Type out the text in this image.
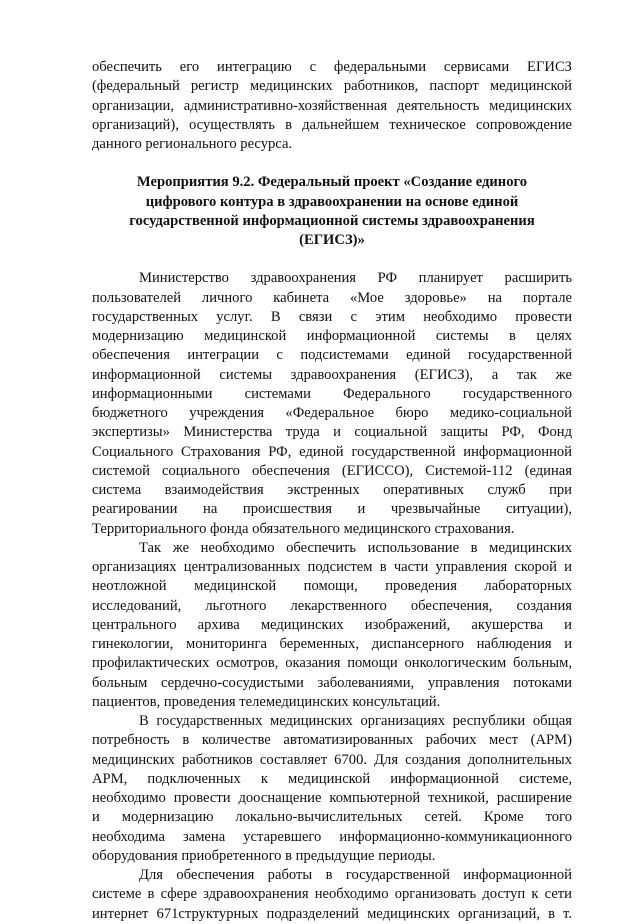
обеспечить его интеграцию с федеральными сервисами ЕГИСЗ
(федеральный регистр медицинских работников, паспорт медицинской
организации, административно-хозяйственная деятельность медицинских
организаций), осуществлять в дальнейшем техническое сопровождение
данного регионального ресурса.
Мероприятия 9.2. Федеральный проект «Создание единого
цифрового контура в здравоохранении на основе единой
государственной информационной системы здравоохранения
(ЕГИСЗ)»
Министерство здравоохранения РФ планирует расширить
пользователей личного кабинета «Мое здоровье» на портале
государственных услуг. В связи с этим необходимо провести
модернизацию медицинской информационной системы в целях
обеспечения интеграции с подсистемами единой государственной
информационной системы здравоохранения (ЕГИСЗ), а так же
информационными системами Федерального государственного
бюджетного учреждения «Федеральное бюро медико-социальной
экспертизы» Министерства труда и социальной защиты РФ, Фонд
Социального Страхования РФ, единой государственной информационной
системой социального обеспечения (ЕГИССО), Системой-112 (единая
система взаимодействия экстренных оперативных служб при
реагировании на происшествия и чрезвычайные ситуации),
Территориального фонда обязательного медицинского страхования.
Так же необходимо обеспечить использование в медицинских
организациях централизованных подсистем в части управления скорой и
неотложной медицинской помощи, проведения лабораторных
исследований, льготного лекарственного обеспечения, создания
центрального архива медицинских изображений, акушерства и
гинекологии, мониторинга беременных, диспансерного наблюдения и
профилактических осмотров, оказания помощи онкологическим больным,
больным сердечно-сосудистыми заболеваниями, управления потоками
пациентов, проведения телемедицинских консультаций.
В государственных медицинских организациях республики общая
потребность в количестве автоматизированных рабочих мест (АРМ)
медицинских работников составляет 6700. Для создания дополнительных
АРМ, подключенных к медицинской информационной системе,
необходимо провести дооснащение компьютерной техникой, расширение
и модернизацию локально-вычислительных сетей. Кроме того
необходима замена устаревшего информационно-коммуникационного
оборудования приобретенного в предыдущие периоды.
Для обеспечения работы в государственной информационной
системе в сфере здравоохранения необходимо организовать доступ к сети
интернет 671структурных подразделений медицинских организаций, в т.
